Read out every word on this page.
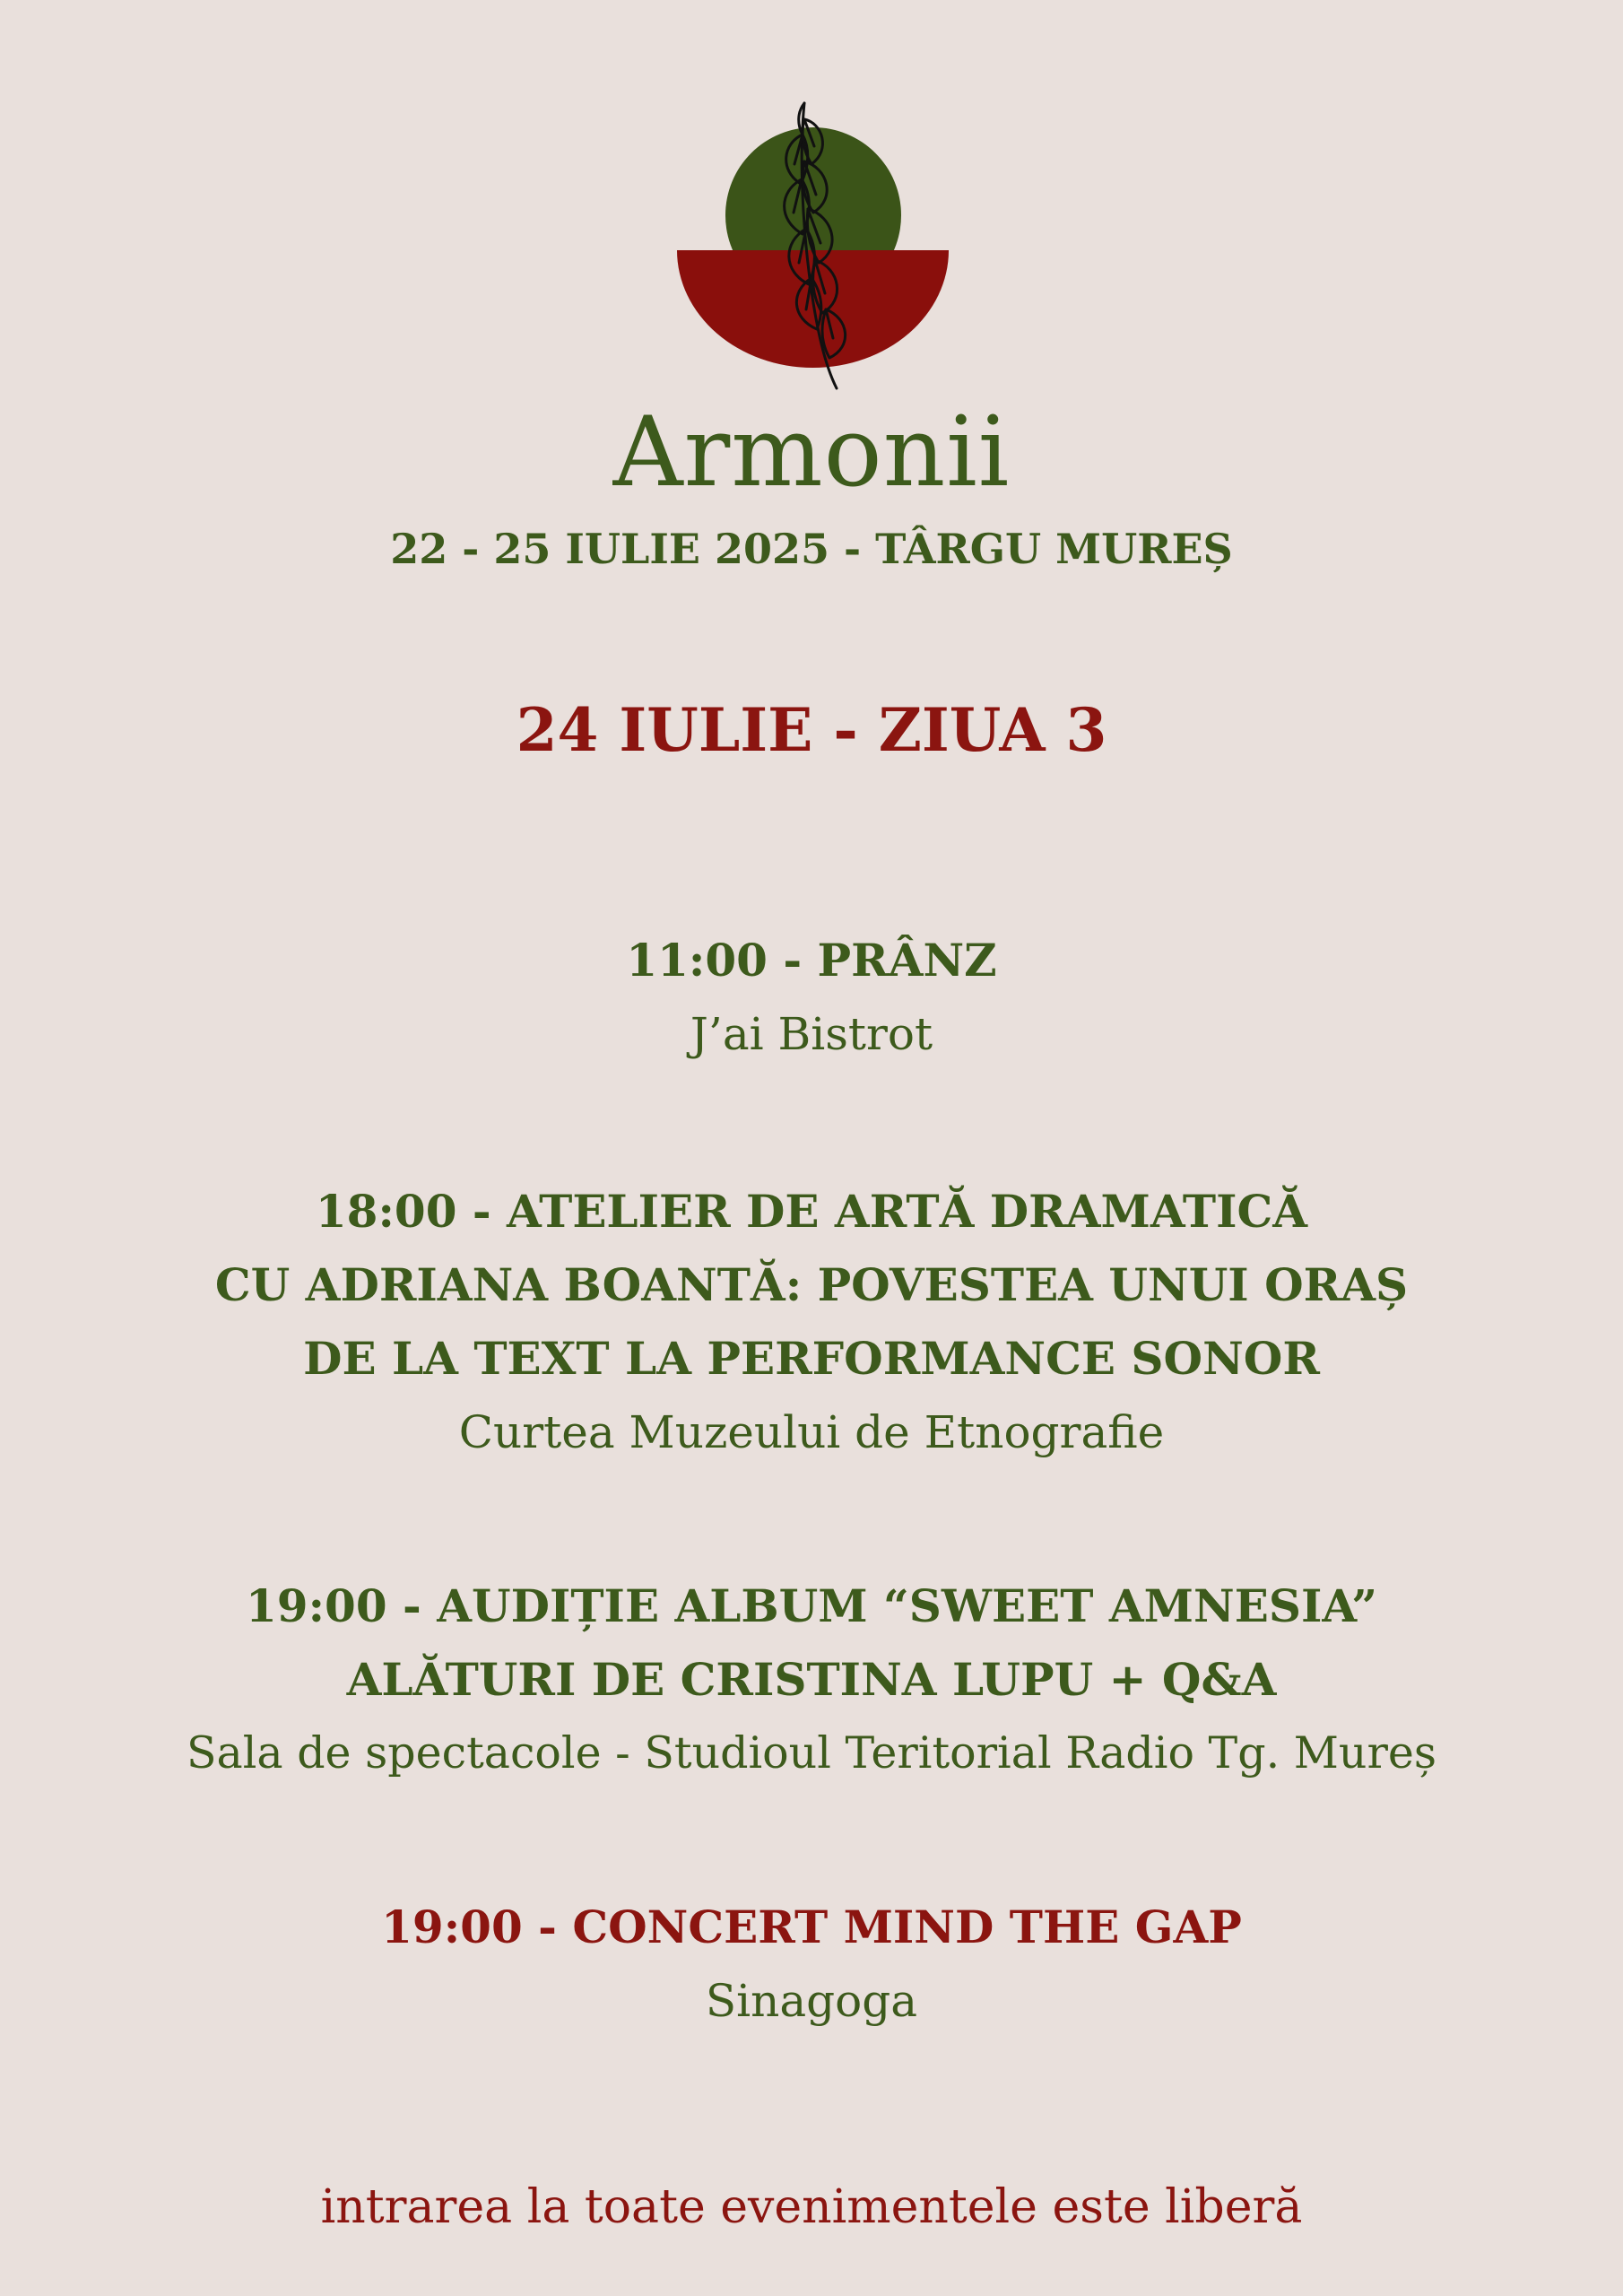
Armonii
22 - 25 IULIE 2025 - TÂRGU MUREȘ
24 IULIE - ZIUA 3
11:00 - PRÂNZ
J’ai Bistrot
18:00 - ATELIER DE ARTĂ DRAMATICĂ
CU ADRIANA BOANTĂ: POVESTEA UNUI ORAȘ
DE LA TEXT LA PERFORMANCE SONOR
Curtea Muzeului de Etnografie
19:00 - AUDIȚIE ALBUM “SWEET AMNESIA”
ALĂTURI DE CRISTINA LUPU + Q&A
Sala de spectacole - Studioul Teritorial Radio Tg. Mureș
19:00 - CONCERT MIND THE GAP
Sinagoga
intrarea la toate evenimentele este liberă
